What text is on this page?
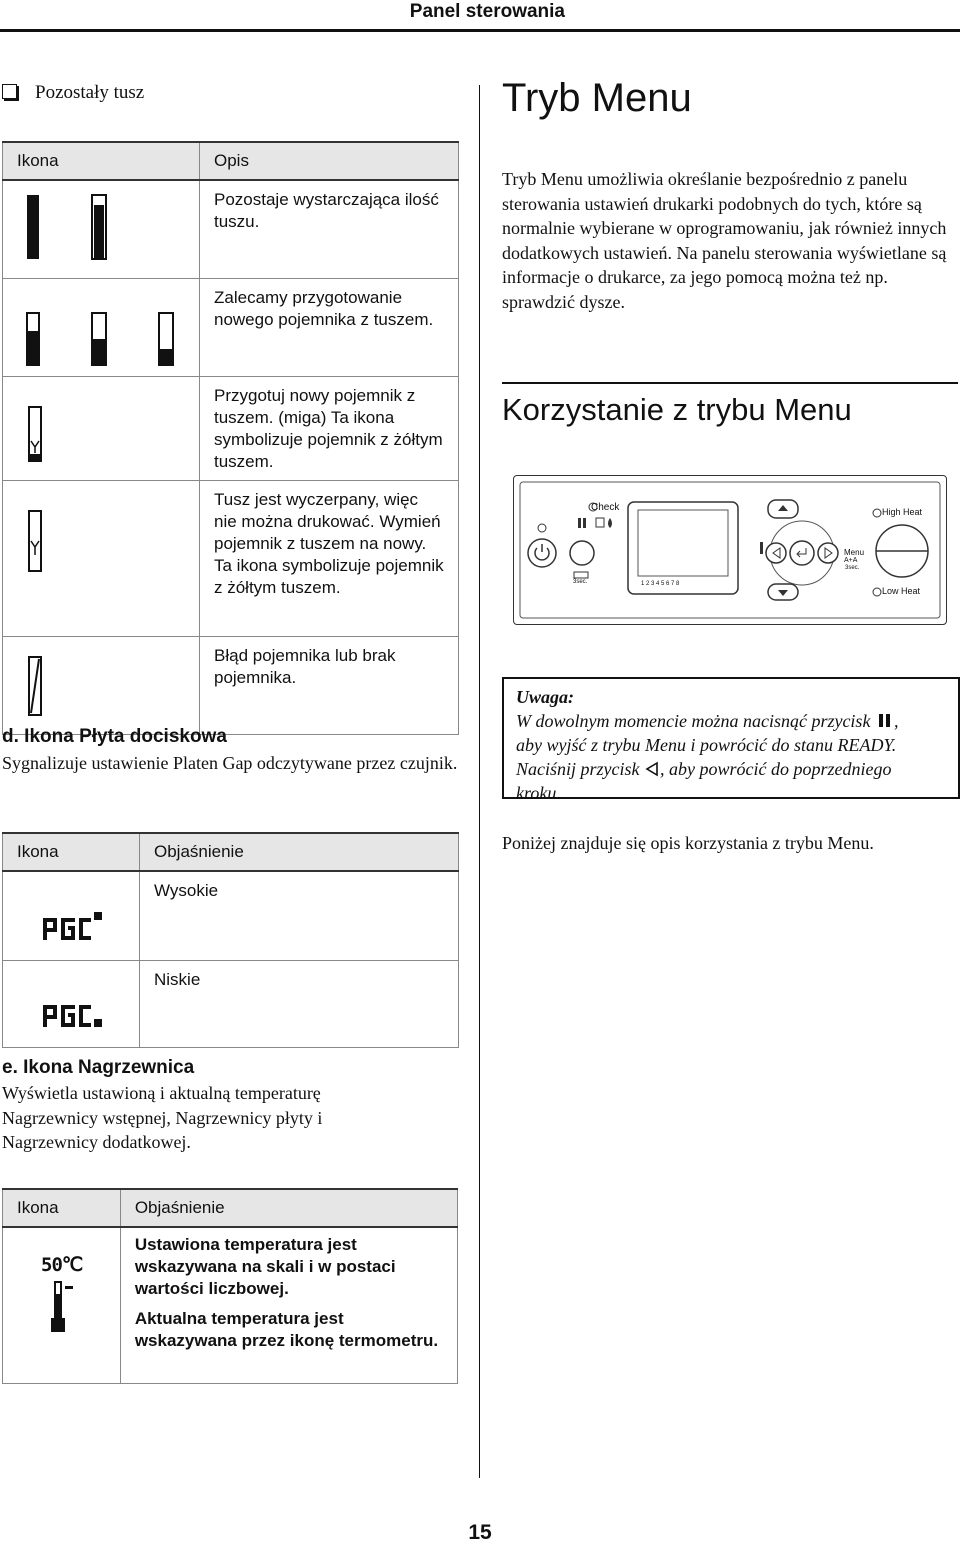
Panel sterowania
Pozostały tusz
Ikona	Opis
	Pozostaje wystarczająca ilość tuszu.
	Zalecamy przygotowanie nowego pojemnika z tuszem.
	Przygotuj nowy pojemnik z tuszem. (miga) Ta ikona symbolizuje pojemnik z żółtym tuszem.
	Tusz jest wyczerpany, więc nie można drukować. Wymień pojemnik z tuszem na nowy. Ta ikona symbolizuje pojemnik z żółtym tuszem.
	Błąd pojemnika lub brak pojemnika.
d. Ikona Płyta dociskowa

Sygnalizuje ustawienie Platen Gap odczytywane przez czujnik.

Ikona	Objaśnienie
	Wysokie
	Niskie
e. Ikona Nagrzewnica

Wyświetla ustawioną i aktualną temperaturę Nagrzewnicy wstępnej, Nagrzewnicy płyty i Nagrzewnicy dodatkowej.

Ikona	Objaśnienie

50℃	Ustawiona temperatura jest wskazywana na skali i w postaci wartości liczbowej.

Aktualna temperatura jest wskazywana przez ikonę termometru.

Tryb Menu

Tryb Menu umożliwia określanie bezpośrednio z panelu sterowania ustawień drukarki podobnych do tych, które są normalnie wybierane w oprogramowaniu, jak również innych dodatkowych ustawień. Na panelu sterowania wyświetlane są informacje o drukarce, za jego pomocą można też np. sprawdzić dysze.

Korzystanie z trybu Menu
Check	High Heat
Low Heat
Menu
A+A
3sec.
3sec.	1 2 3 4 5 6 7 8
Uwaga:
W dowolnym momencie można nacisnąć przycisk ,
aby wyjść z trybu Menu i powrócić do stanu READY.
Naciśnij przycisk , aby powrócić do poprzedniego
kroku.

Poniżej znajduje się opis korzystania z trybu Menu.

15
